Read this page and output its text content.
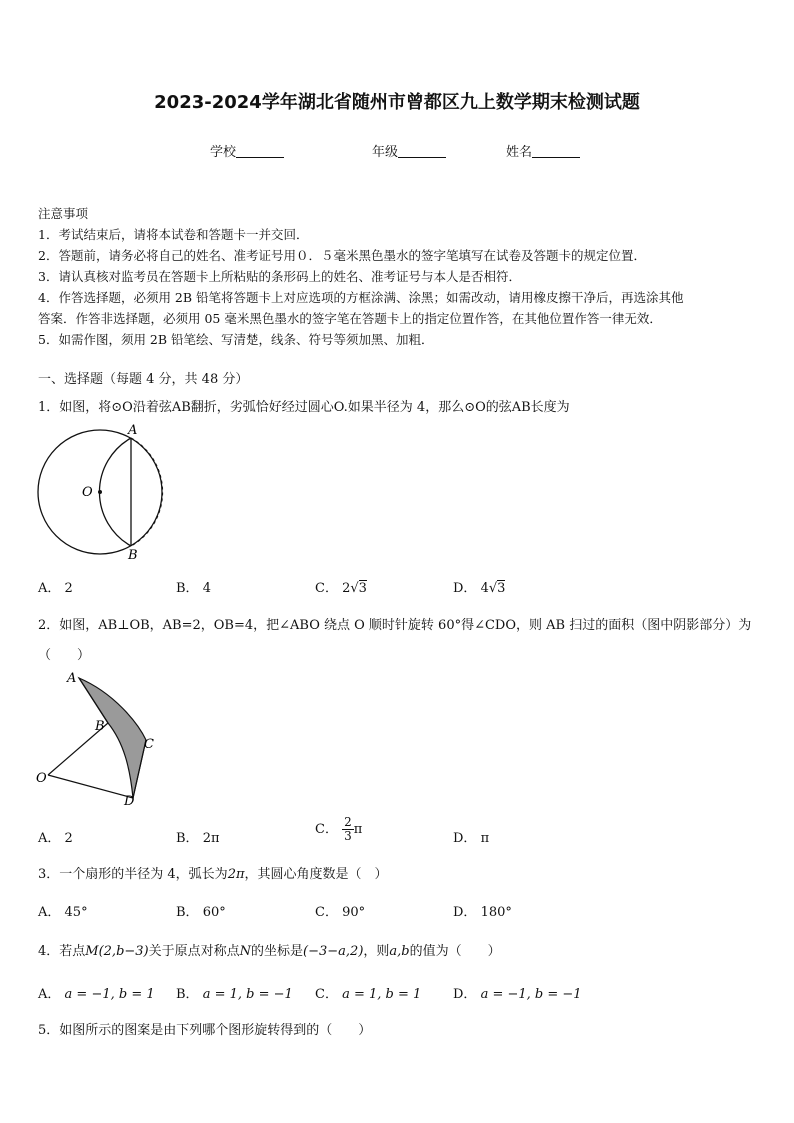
2023-2024学年湖北省随州市曾都区九上数学期末检测试题
学校	年级	姓名
注意事项
1．考试结束后，请将本试卷和答题卡一并交回．
2．答题前，请务必将自己的姓名、准考证号用０．５毫米黑色墨水的签字笔填写在试卷及答题卡的规定位置．
3．请认真核对监考员在答题卡上所粘贴的条形码上的姓名、准考证号与本人是否相符．
4．作答选择题，必须用 2B 铅笔将答题卡上对应选项的方框涂满、涂黑；如需改动，请用橡皮擦干净后，再选涂其他
答案．作答非选择题，必须用 05 毫米黑色墨水的签字笔在答题卡上的指定位置作答，在其他位置作答一律无效．
5．如需作图，须用 2B 铅笔绘、写清楚，线条、符号等须加黑、加粗．
一、选择题（每题 4 分，共 48 分）
1．如图，将⊙O沿着弦AB翻折，劣弧恰好经过圆心O.如果半径为 4，那么⊙O的弦AB长度为
A
B
O
A． 2	B． 4	C． 2√3	D． 4√3
2．如图，AB⊥OB，AB=2，OB=4，把∠ABO 绕点 O 顺时针旋转 60°得∠CDO，则 AB 扫过的面积（图中阴影部分）为
（　　）
A
B
C
D
O
A． 2	B． 2π
C． $\frac{2}{3}$ π
D． π
3．一个扇形的半径为 4，弧长为2π，其圆心角度数是（　）
A． 45°	B． 60°	C． 90°	D． 180°
4．若点M(2,b−3)关于原点对称点N的坐标是(−3−a,2)，则a,b的值为（　　）
A． a = −1, b = 1 B． a = 1, b = −1 C． a = 1, b = 1 D． a = −1, b = −1
5．如图所示的图案是由下列哪个图形旋转得到的（　　）
